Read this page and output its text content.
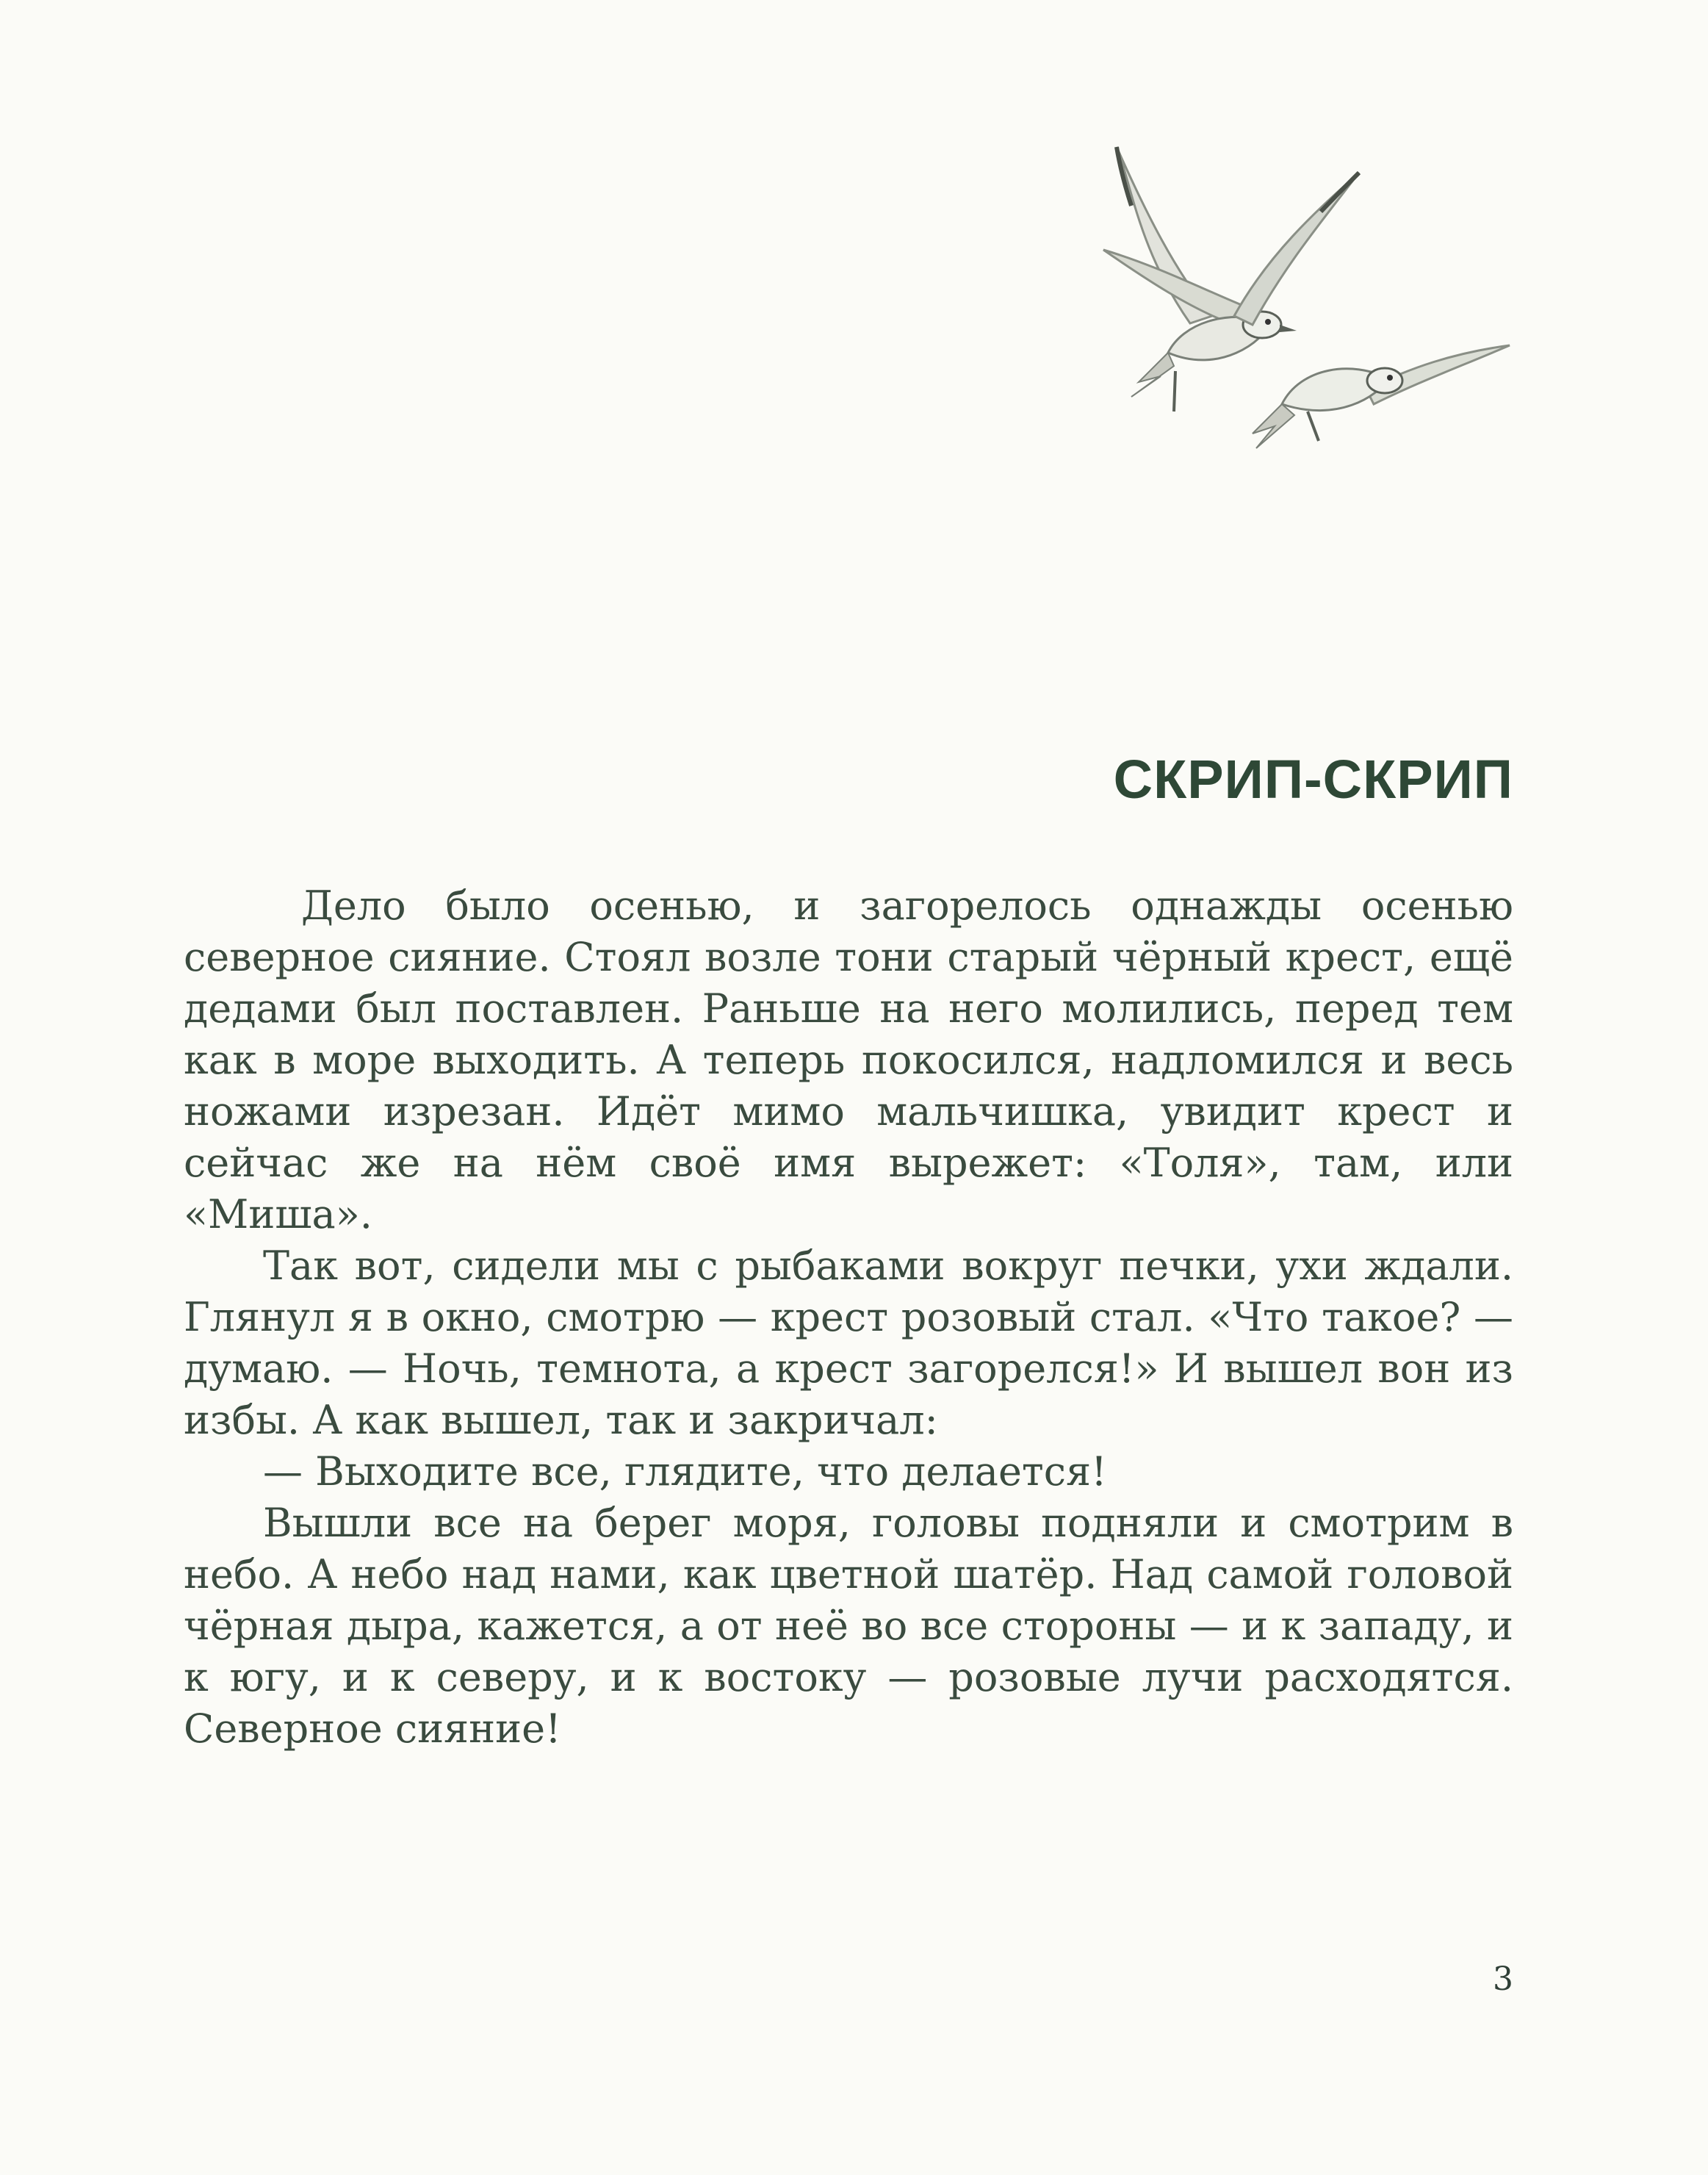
СКРИП-СКРИП

Дело было осенью, и загорелось однажды осенью северное сияние. Стоял возле тони старый чёрный крест, ещё дедами был поставлен. Раньше на него молились, перед тем как в море выходить. А теперь покосился, надломился и весь ножами изрезан. Идёт мимо мальчишка, увидит крест и сейчас же на нём своё имя вырежет: «Толя», там, или «Миша».

Так вот, сидели мы с рыбаками вокруг печки, ухи ждали. Глянул я в окно, смотрю — крест розовый стал. «Что такое? — думаю. — Ночь, темнота, а крест загорелся!» И вышел вон из избы. А как вышел, так и закричал:

— Выходите все, глядите, что делается!

Вышли все на берег моря, головы подняли и смотрим в небо. А небо над нами, как цветной шатёр. Над самой головой чёрная дыра, кажется, а от неё во все стороны — и к западу, и к югу, и к северу, и к востоку — розовые лучи расходятся. Северное сияние!

3
